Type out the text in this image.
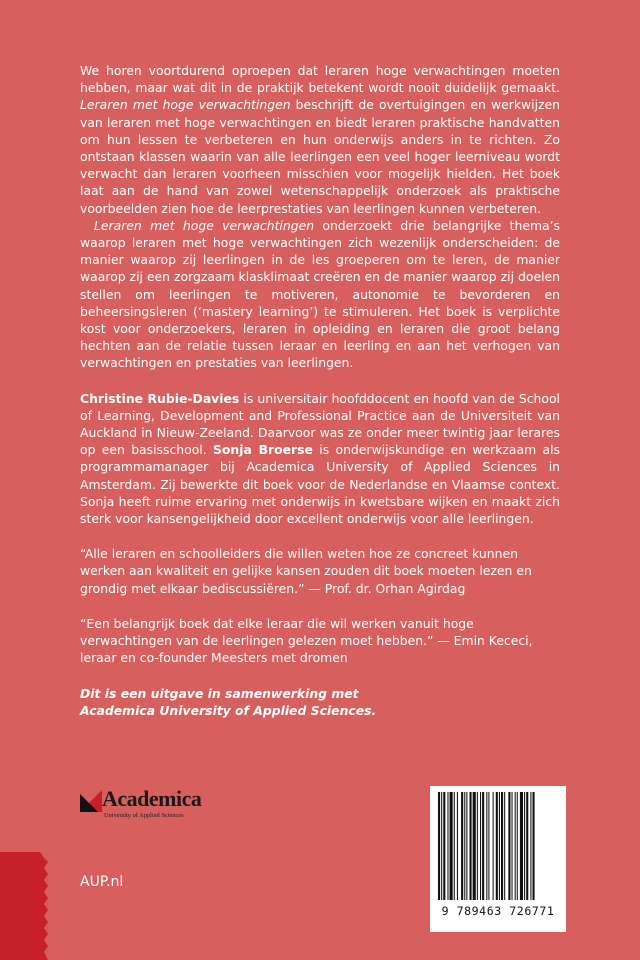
We horen voortdurend oproepen dat leraren hoge verwachtingen moeten hebben, maar wat dit in de praktijk betekent wordt nooit duidelijk gemaakt. Leraren met hoge verwachtingen beschrijft de overtuigingen en werkwijzen van leraren met hoge verwachtingen en biedt leraren praktische handvatten om hun lessen te verbeteren en hun onderwijs anders in te richten. Zo ontstaan klassen waarin van alle leerlingen een veel hoger leerniveau wordt verwacht dan leraren voorheen misschien voor mogelijk hielden. Het boek laat aan de hand van zowel wetenschappelijk onderzoek als praktische voorbeelden zien hoe de leerprestaties van leerlingen kunnen verbeteren.

Leraren met hoge verwachtingen onderzoekt drie belangrijke thema’s waarop leraren met hoge verwachtingen zich wezenlijk onderscheiden: de manier waarop zij leerlingen in de les groeperen om te leren, de manier waarop zij een zorgzaam klasklimaat creëren en de manier waarop zij doelen stellen om leerlingen te motiveren, autonomie te bevorderen en beheersingsleren (‘mastery learning’) te stimuleren. Het boek is verplichte kost voor onderzoekers, leraren in opleiding en leraren die groot belang hechten aan de relatie tussen leraar en leerling en aan het verhogen van verwachtingen en prestaties van leerlingen.

Christine Rubie-Davies is universitair hoofddocent en hoofd van de School of Learning, Development and Professional Practice aan de Universiteit van Auckland in Nieuw-Zeeland. Daarvoor was ze onder meer twintig jaar lerares op een basisschool. Sonja Broerse is onderwijskundige en werkzaam als programmamanager bij Academica University of Applied Sciences in Amsterdam. Zij bewerkte dit boek voor de Nederlandse en Vlaamse context. Sonja heeft ruime ervaring met onderwijs in kwetsbare wijken en maakt zich sterk voor kansengelijkheid door excellent onderwijs voor alle leerlingen.

“Alle leraren en schoolleiders die willen weten hoe ze concreet kunnen werken aan kwaliteit en gelijke kansen zouden dit boek moeten lezen en grondig met elkaar bediscussiëren.” — Prof. dr. Orhan Agirdag

“Een belangrijk boek dat elke leraar die wil werken vanuit hoge verwachtingen van de leerlingen gelezen moet hebben.” — Emin Kececi, leraar en co-founder Meesters met dromen

Dit is een uitgave in samenwerking met
Academica University of Applied Sciences.

Academica
University of Applied Sciences
AUP.nl
9 789463 726771
